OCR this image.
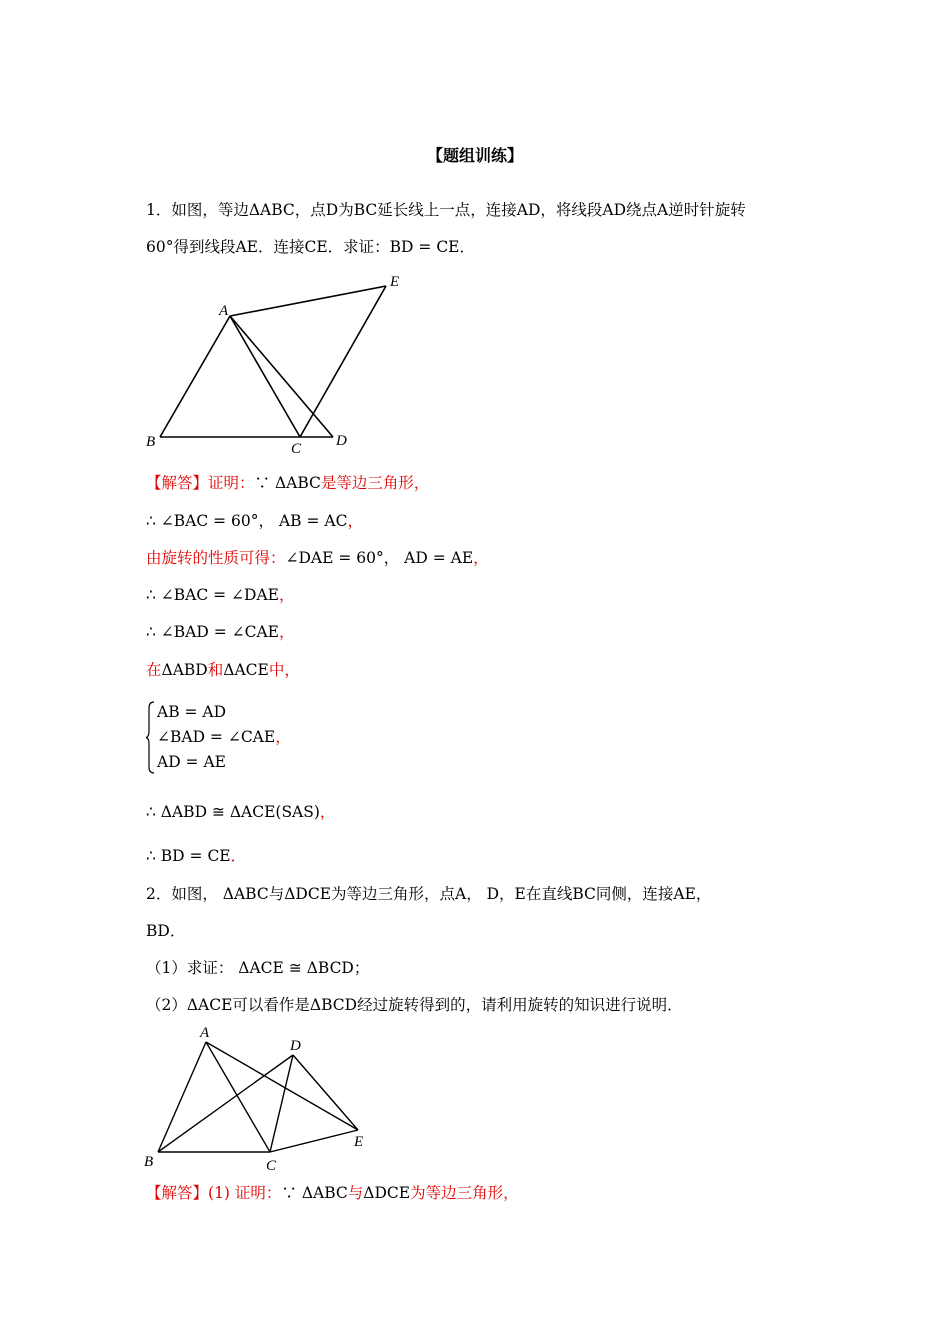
【题组训练】
1．如图，等边ΔABC，点D为BC延长线上一点，连接AD，将线段AD绕点A逆时针旋转
60°得到线段AE．连接CE．求证：BD = CE．
A
B	C D
E
【解答】证明：∵ ΔABC是等边三角形，
∴ ∠BAC = 60°， AB = AC，
由旋转的性质可得：∠DAE = 60°， AD = AE，
∴ ∠BAC = ∠DAE，
∴ ∠BAD = ∠CAE，
在ΔABD和ΔACE中，
AB = AD
∠BAD = ∠CAE，
AD = AE
∴ ΔABD ≅ ΔACE(SAS)，
∴ BD = CE．
2．如图， ΔABC与ΔDCE为等边三角形，点A， D，E在直线BC同侧，连接AE，
BD．
（1）求证： ΔACE ≅ ΔBCD；
（2）ΔACE可以看作是ΔBCD经过旋转得到的，请利用旋转的知识进行说明．
A
B	C
D
E
【解答】(1) 证明：∵ ΔABC与ΔDCE为等边三角形，
